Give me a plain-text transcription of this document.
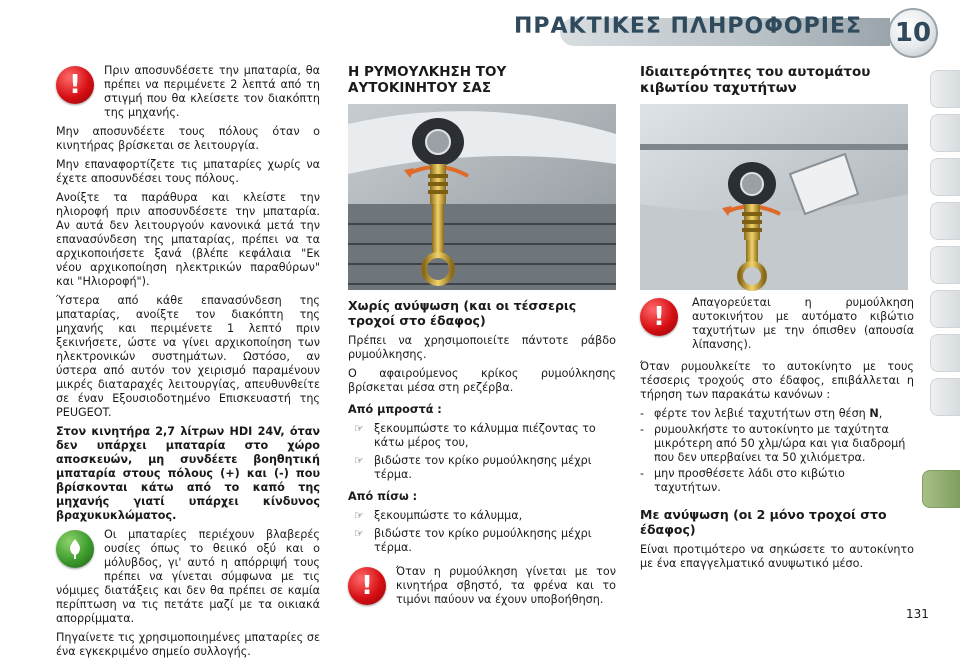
ΠΡΑΚΤΙΚΕΣ ΠΛΗΡΟΦΟΡΙΕΣ 10
!	Πριν αποσυνδέσετε την μπαταρία, θα πρέπει να περιμένετε 2 λεπτά από τη στιγμή που θα κλείσετε τον διακόπτη της μηχανής.

Μην αποσυνδέετε τους πόλους όταν ο κινητήρας βρίσκεται σε λειτουργία.

Μην επαναφορτίζετε τις μπαταρίες χωρίς να έχετε αποσυνδέσει τους πόλους.

Ανοίξτε τα παράθυρα και κλείστε την ηλιοροφή πριν αποσυνδέσετε την μπαταρία. Αν αυτά δεν λειτουργούν κανονικά μετά την επανασύνδεση της μπαταρίας, πρέπει να τα αρχικοποιήσετε ξανά (βλέπε κεφάλαια "Εκ νέου αρχικοποίηση ηλεκτρικών παραθύρων" και "Ηλιοροφή").

Ύστερα από κάθε επανασύνδεση της μπαταρίας, ανοίξτε τον διακόπτη της μηχανής και περιμένετε 1 λεπτό πριν ξεκινήσετε, ώστε να γίνει αρχικοποίηση των ηλεκτρονικών συστημάτων. Ωστόσο, αν ύστερα από αυτόν τον χειρισμό παραμένουν μικρές διαταραχές λειτουργίας, απευθυνθείτε σε έναν Εξουσιοδοτημένο Επισκευαστή της PEUGEOT.

Στον κινητήρα 2,7 λίτρων HDI 24V, όταν δεν υπάρχει μπαταρία στο χώρο αποσκευών, μη συνδέετε βοηθητική μπαταρία στους πόλους (+) και (-) που βρίσκονται κάτω από το καπό της μηχανής γιατί υπάρχει κίνδυνος βραχυκυκλώματος.

Οι μπαταρίες περιέχουν βλαβερές ουσίες όπως το θειικό οξύ και ο μόλυβδος, γι' αυτό η απόρριψή τους πρέπει να γίνεται σύμφωνα με τις νόμιμες διατάξεις και δεν θα πρέπει σε καμία περίπτωση να τις πετάτε μαζί με τα οικιακά απορρίμματα.

Πηγαίνετε τις χρησιμοποιημένες μπαταρίες σε ένα εγκεκριμένο σημείο συλλογής.

Η ΡΥΜΟΥΛΚΗΣΗ ΤΟΥ ΑΥΤΟΚΙΝΗΤΟΥ ΣΑΣ
Χωρίς ανύψωση (και οι τέσσερις τροχοί στο έδαφος)

Πρέπει να χρησιμοποιείτε πάντοτε ράβδο ρυμούλκησης.

Ο αφαιρούμενος κρίκος ρυμούλκησης βρίσκεται μέσα στη ρεζέρβα.

Από μπροστά :
☞ ξεκουμπώστε το κάλυμμα πιέζοντας το κάτω μέρος του,
☞ βιδώστε τον κρίκο ρυμούλκησης μέχρι τέρμα.
Από πίσω :
☞ ξεκουμπώστε το κάλυμμα,
☞ βιδώστε τον κρίκο ρυμούλκησης μέχρι τέρμα.
!	Όταν η ρυμούλκηση γίνεται με τον κινητήρα σβηστό, τα φρένα και το τιμόνι παύουν να έχουν υποβοήθηση.

Ιδιαιτερότητες του αυτομάτου κιβωτίου ταχυτήτων
!	Απαγορεύεται η ρυμούλκηση αυτοκινήτου με αυτόματο κιβώτιο ταχυτήτων με την όπισθεν (απουσία λίπανσης).

Όταν ρυμουλκείτε το αυτοκίνητο με τους τέσσερις τροχούς στο έδαφος, επιβάλλεται η τήρηση των παρακάτω κανόνων :

- φέρτε τον λεβιέ ταχυτήτων στη θέση N,
- ρυμουλκήστε το αυτοκίνητο με ταχύτητα μικρότερη από 50 χλμ/ώρα και για διαδρομή που δεν υπερβαίνει τα 50 χιλιόμετρα.
- μην προσθέσετε λάδι στο κιβώτιο ταχυτήτων.
Με ανύψωση (οι 2 μόνο τροχοί στο έδαφος)

Είναι προτιμότερο να σηκώσετε το αυτοκίνητο με ένα επαγγελματικό ανυψωτικό μέσο.

131
